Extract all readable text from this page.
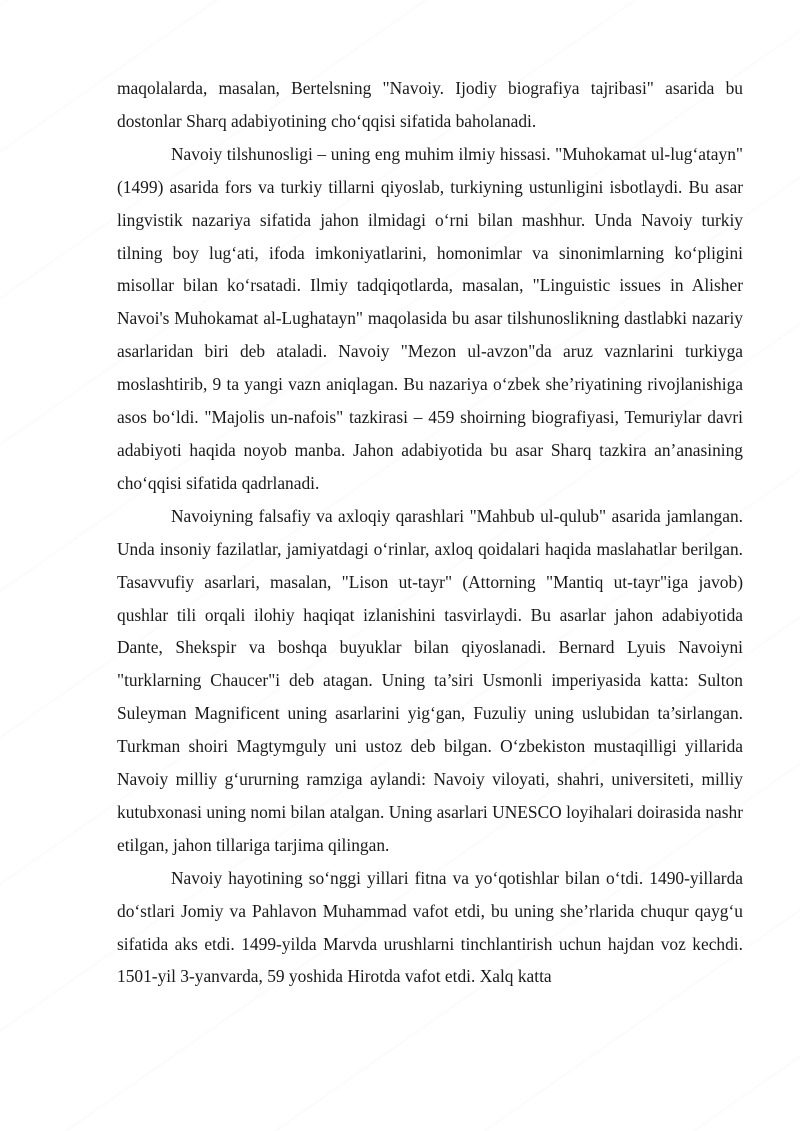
maqolalarda, masalan, Bertelsning "Navoiy. Ijodiy biografiya tajribasi" asarida bu dostonlar Sharq adabiyotining cho‘qqisi sifatida baholanadi.

Navoiy tilshunosligi – uning eng muhim ilmiy hissasi. "Muhokamat ul-lug‘atayn" (1499) asarida fors va turkiy tillarni qiyoslab, turkiyning ustunligini isbotlaydi. Bu asar lingvistik nazariya sifatida jahon ilmidagi o‘rni bilan mashhur. Unda Navoiy turkiy tilning boy lug‘ati, ifoda imkoniyatlarini, homonimlar va sinonimlarning ko‘pligini misollar bilan ko‘rsatadi. Ilmiy tadqiqotlarda, masalan, "Linguistic issues in Alisher Navoi's Muhokamat al-Lughatayn" maqolasida bu asar tilshunoslikning dastlabki nazariy asarlaridan biri deb ataladi. Navoiy "Mezon ul-avzon"da aruz vaznlarini turkiyga moslashtirib, 9 ta yangi vazn aniqlagan. Bu nazariya o‘zbek she’riyatining rivojlanishiga asos bo‘ldi. "Majolis un-nafois" tazkirasi – 459 shoirning biografiyasi, Temuriylar davri adabiyoti haqida noyob manba. Jahon adabiyotida bu asar Sharq tazkira an’anasining cho‘qqisi sifatida qadrlanadi.

Navoiyning falsafiy va axloqiy qarashlari "Mahbub ul-qulub" asarida jamlangan. Unda insoniy fazilatlar, jamiyatdagi o‘rinlar, axloq qoidalari haqida maslahatlar berilgan. Tasavvufiy asarlari, masalan, "Lison ut-tayr" (Attorning "Mantiq ut-tayr"iga javob) qushlar tili orqali ilohiy haqiqat izlanishini tasvirlaydi. Bu asarlar jahon adabiyotida Dante, Shekspir va boshqa buyuklar bilan qiyoslanadi. Bernard Lyuis Navoiyni "turklarning Chaucer"i deb atagan. Uning ta’siri Usmonli imperiyasida katta: Sulton Suleyman Magnificent uning asarlarini yig‘gan, Fuzuliy uning uslubidan ta’sirlangan. Turkman shoiri Magtymguly uni ustoz deb bilgan. O‘zbekiston mustaqilligi yillarida Navoiy milliy g‘ururning ramziga aylandi: Navoiy viloyati, shahri, universiteti, milliy kutubxonasi uning nomi bilan atalgan. Uning asarlari UNESCO loyihalari doirasida nashr etilgan, jahon tillariga tarjima qilingan.

Navoiy hayotining so‘nggi yillari fitna va yo‘qotishlar bilan o‘tdi. 1490-yillarda do‘stlari Jomiy va Pahlavon Muhammad vafot etdi, bu uning she’rlarida chuqur qayg‘u sifatida aks etdi. 1499-yilda Marvda urushlarni tinchlantirish uchun hajdan voz kechdi. 1501-yil 3-yanvarda, 59 yoshida Hirotda vafot etdi. Xalq katta
